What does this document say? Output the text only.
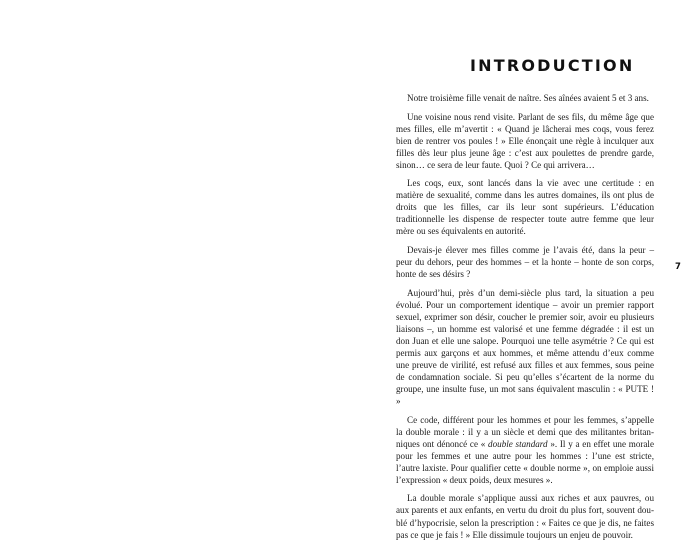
INTRODUCTION

Notre troisième fille venait de naître. Ses aînées avaient 5 et 3 ans.

Une voisine nous rend visite. Parlant de ses fils, du même âge que mes filles, elle m’avertit : « Quand je lâcherai mes coqs, vous ferez bien de rentrer vos poules ! » Elle énonçait une règle à inculquer aux filles dès leur plus jeune âge : c’est aux poulettes de prendre garde, sinon… ce sera de leur faute. Quoi ? Ce qui arrivera…

Les coqs, eux, sont lancés dans la vie avec une certitude : en matière de sexualité, comme dans les autres domaines, ils ont plus de droits que les filles, car ils leur sont supérieurs. L’éducation traditionnelle les dispense de respecter toute autre femme que leur mère ou ses équivalents en autorité.

Devais-je élever mes filles comme je l’avais été, dans la peur – peur du dehors, peur des hommes – et la honte – honte de son corps, honte de ses désirs ?

Aujourd’hui, près d’un demi-siècle plus tard, la situation a peu évolué. Pour un comportement identique – avoir un premier rapport sexuel, exprimer son désir, coucher le premier soir, avoir eu plusieurs liaisons –, un homme est valorisé et une femme dégradée : il est un don Juan et elle une salope. Pourquoi une telle asymétrie ? Ce qui est permis aux garçons et aux hommes, et même attendu d’eux comme une preuve de virilité, est refusé aux filles et aux femmes, sous peine de condamnation sociale. Si peu qu’elles s’écartent de la norme du groupe, une insulte fuse, un mot sans équivalent masculin : « PUTE ! »

Ce code, différent pour les hommes et pour les femmes, s’appelle la double morale : il y a un siècle et demi que des militantes britanniques ont dénoncé ce « double standard ». Il y a en effet une morale pour les femmes et une autre pour les hommes : l’une est stricte, l’autre laxiste. Pour qualifier cette « double norme », on emploie aussi l’expression « deux poids, deux mesures ».

La double morale s’applique aussi aux riches et aux pauvres, ou aux parents et aux enfants, en vertu du droit du plus fort, souvent doublé d’hypocrisie, selon la prescription : « Faites ce que je dis, ne faites pas ce que je fais ! » Elle dissimule toujours un enjeu de pouvoir.

7
